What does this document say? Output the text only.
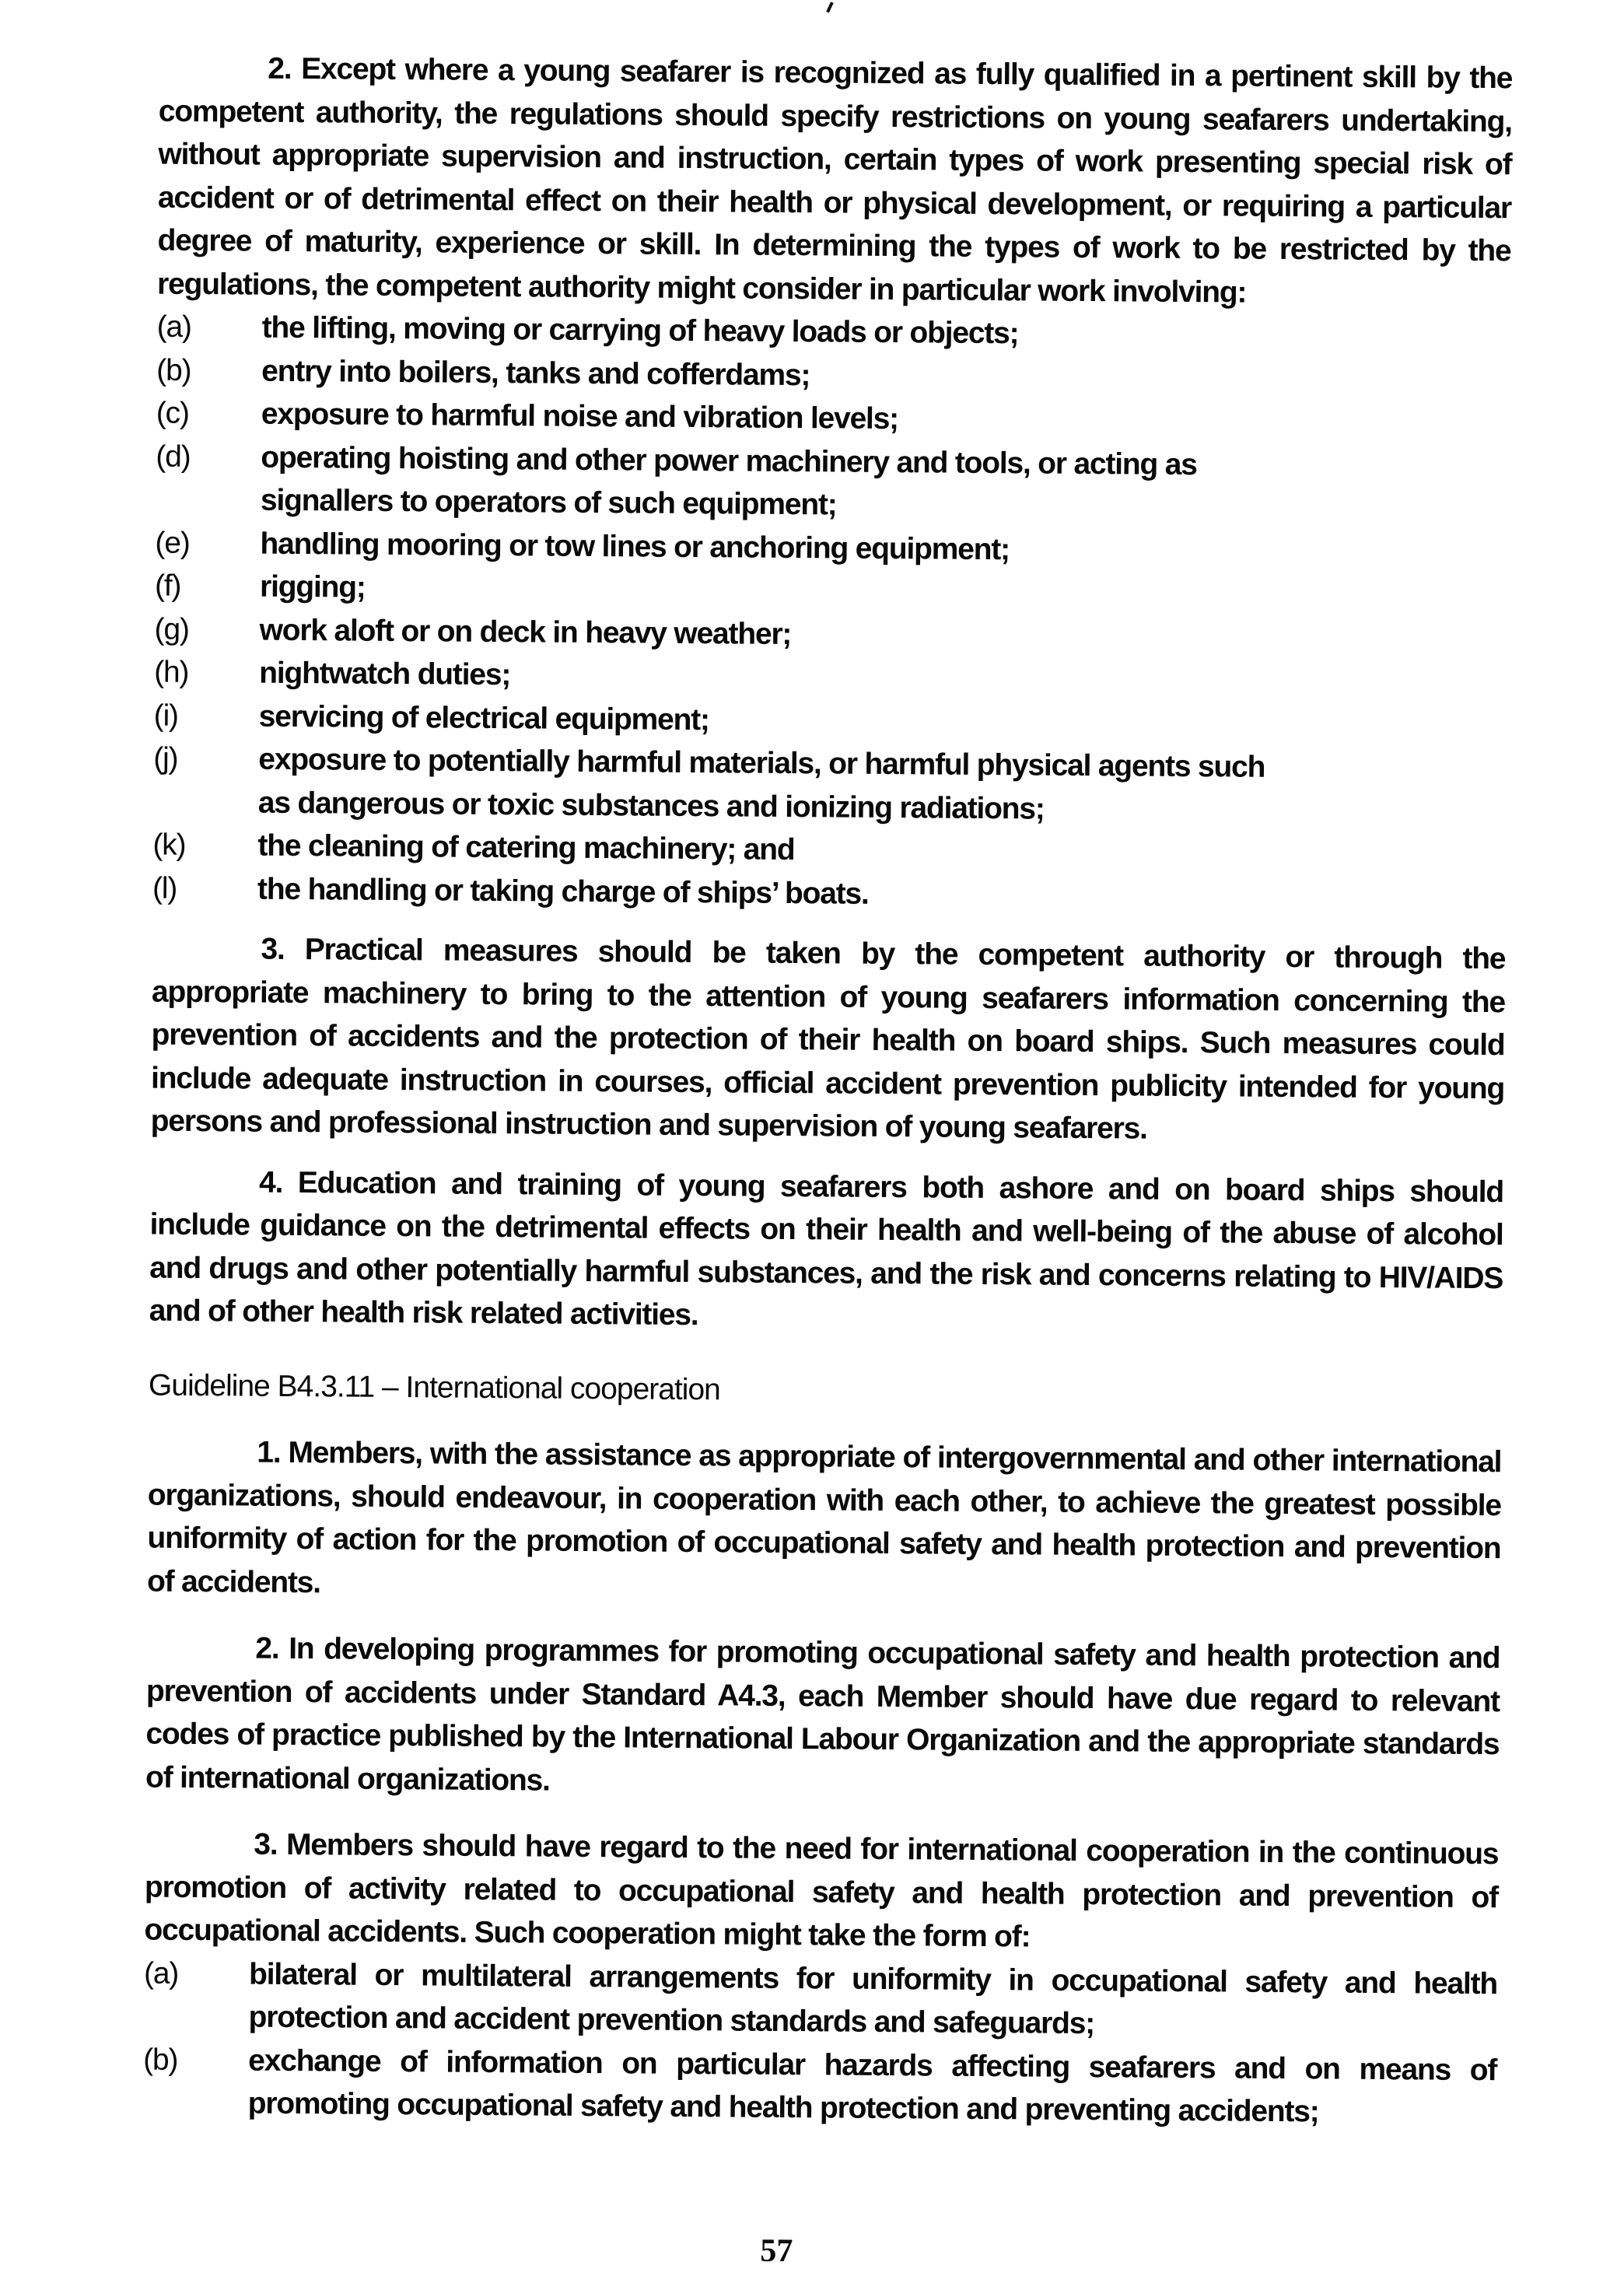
2. Except where a young seafarer is recognized as fully qualified in a pertinent skill by the competent authority, the regulations should specify restrictions on young seafarers undertaking, without appropriate supervision and instruction, certain types of work presenting special risk of accident or of detrimental effect on their health or physical development, or requiring a particular degree of maturity, experience or skill. In determining the types of work to be restricted by the regulations, the competent authority might consider in particular work involving:

(a)	the lifting, moving or carrying of heavy loads or objects;
(b)	entry into boilers, tanks and cofferdams;
(c)	exposure to harmful noise and vibration levels;
(d)	operating hoisting and other power machinery and tools, or acting as signallers to operators of such equipment;
(e)	handling mooring or tow lines or anchoring equipment;
(f)	rigging;
(g)	work aloft or on deck in heavy weather;
(h)	nightwatch duties;
(i)	servicing of electrical equipment;
(j)	exposure to potentially harmful materials, or harmful physical agents such as dangerous or toxic substances and ionizing radiations;
(k)	the cleaning of catering machinery; and
(l)	the handling or taking charge of ships’ boats.

3. Practical measures should be taken by the competent authority or through the appropriate machinery to bring to the attention of young seafarers information concerning the prevention of accidents and the protection of their health on board ships. Such measures could include adequate instruction in courses, official accident prevention publicity intended for young persons and professional instruction and supervision of young seafarers.

4. Education and training of young seafarers both ashore and on board ships should include guidance on the detrimental effects on their health and well-being of the abuse of alcohol and drugs and other potentially harmful substances, and the risk and concerns relating to HIV/AIDS and of other health risk related activities.

Guideline B4.3.11 – International cooperation

1. Members, with the assistance as appropriate of intergovernmental and other international organizations, should endeavour, in cooperation with each other, to achieve the greatest possible uniformity of action for the promotion of occupational safety and health protection and prevention of accidents.

2. In developing programmes for promoting occupational safety and health protection and prevention of accidents under Standard A4.3, each Member should have due regard to relevant codes of practice published by the International Labour Organization and the appropriate standards of international organizations.

3. Members should have regard to the need for international cooperation in the continuous promotion of activity related to occupational safety and health protection and prevention of occupational accidents. Such cooperation might take the form of:

(a)	bilateral or multilateral arrangements for uniformity in occupational safety and health protection and accident prevention standards and safeguards;
(b)	exchange of information on particular hazards affecting seafarers and on means of promoting occupational safety and health protection and preventing accidents;
57
